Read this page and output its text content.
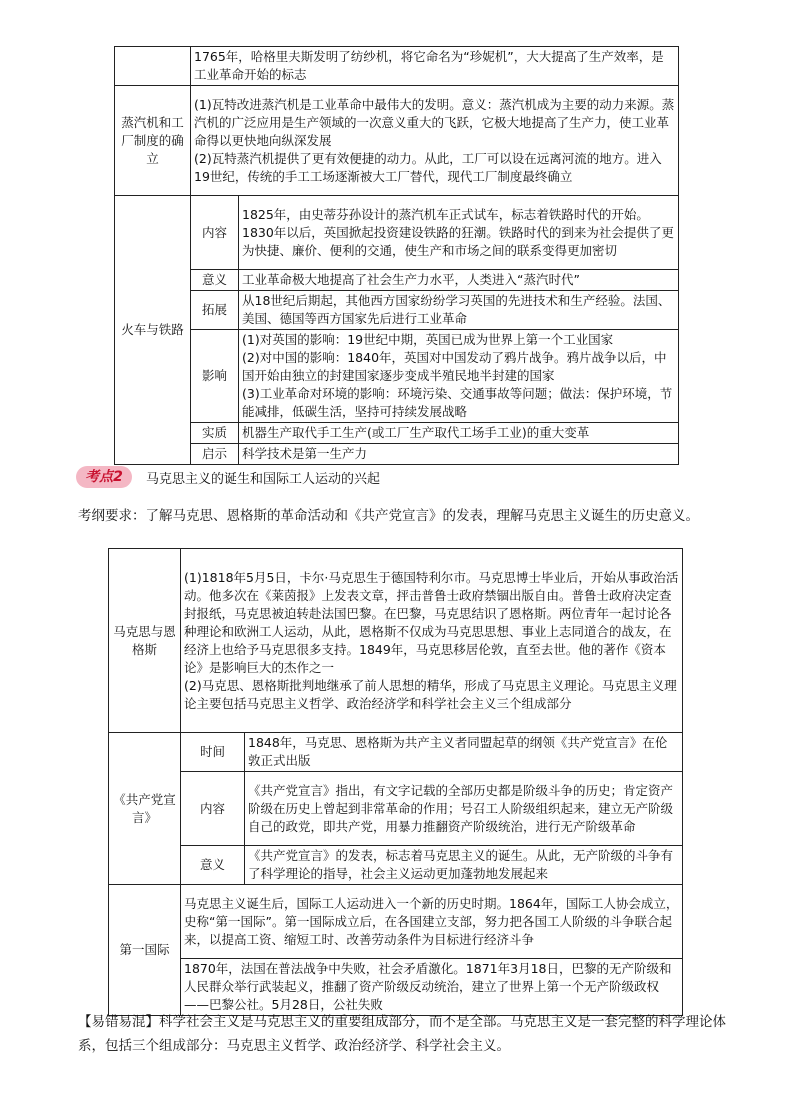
	1765年，哈格里夫斯发明了纺纱机，将它命名为“珍妮机”，大大提高了生产效率，是工业革命开始的标志	
蒸汽机和工厂制度的确立	(1)瓦特改进蒸汽机是工业革命中最伟大的发明。意义：蒸汽机成为主要的动力来源。蒸汽机的广泛应用是生产领域的一次意义重大的飞跃，它极大地提高了生产力，使工业革命得以更快地向纵深发展
(2)瓦特蒸汽机提供了更有效便捷的动力。从此，工厂可以设在远离河流的地方。进入19世纪，传统的手工工场逐渐被大工厂替代，现代工厂制度最终确立	

火车与铁路	内容	1825年，由史蒂芬孙设计的蒸汽机车正式试车，标志着铁路时代的开始。1830年以后，英国掀起投资建设铁路的狂潮。铁路时代的到来为社会提供了更为快捷、廉价、便利的交通，使生产和市场之间的联系变得更加密切
	意义	工业革命极大地提高了社会生产力水平，人类进入“蒸汽时代”
	拓展	从18世纪后期起，其他西方国家纷纷学习英国的先进技术和生产经验。法国、美国、德国等西方国家先后进行工业革命
	影响	(1)对英国的影响：19世纪中期，英国已成为世界上第一个工业国家
(2)对中国的影响：1840年，英国对中国发动了鸦片战争。鸦片战争以后，中国开始由独立的封建国家逐步变成半殖民地半封建的国家
(3)工业革命对环境的影响：环境污染、交通事故等问题；做法：保护环境，节能减排，低碳生活，坚持可持续发展战略

	实质	机器生产取代手工生产(或工厂生产取代工场手工业)的重大变革
	启示	科学技术是第一生产力
考点2	马克思主义的诞生和国际工人运动的兴起
考纲要求：了解马克思、恩格斯的革命活动和《共产党宣言》的发表，理解马克思主义诞生的历史意义。
马克思与恩格斯	(1)1818年5月5日，卡尔·马克思生于德国特利尔市。马克思博士毕业后，开始从事政治活动。他多次在《莱茵报》上发表文章，抨击普鲁士政府禁锢出版自由。普鲁士政府决定查封报纸，马克思被迫转赴法国巴黎。在巴黎，马克思结识了恩格斯。两位青年一起讨论各种理论和欧洲工人运动，从此，恩格斯不仅成为马克思思想、事业上志同道合的战友，在经济上也给予马克思很多支持。1849年，马克思移居伦敦，直至去世。他的著作《资本论》是影响巨大的杰作之一
(2)马克思、恩格斯批判地继承了前人思想的精华，形成了马克思主义理论。马克思主义理论主要包括马克思主义哲学、政治经济学和科学社会主义三个组成部分	

《共产党宣言》	时间	1848年，马克思、恩格斯为共产主义者同盟起草的纲领《共产党宣言》在伦敦正式出版
	内容	《共产党宣言》指出，有文字记载的全部历史都是阶级斗争的历史；肯定资产阶级在历史上曾起到非常革命的作用；号召工人阶级组织起来，建立无产阶级自己的政党，即共产党，用暴力推翻资产阶级统治，进行无产阶级革命
	意义	《共产党宣言》的发表，标志着马克思主义的诞生。从此，无产阶级的斗争有了科学理论的指导，社会主义运动更加蓬勃地发展起来
第一国际	马克思主义诞生后，国际工人运动进入一个新的历史时期。1864年，国际工人协会成立，史称“第一国际”。第一国际成立后，在各国建立支部，努力把各国工人阶级的斗争联合起来，以提高工资、缩短工时、改善劳动条件为目标进行经济斗争	
	1870年，法国在普法战争中失败，社会矛盾激化。1871年3月18日，巴黎的无产阶级和人民群众举行武装起义，推翻了资产阶级反动统治，建立了世界上第一个无产阶级政权——巴黎公社。5月28日，公社失败	
【易错易混】科学社会主义是马克思主义的重要组成部分，而不是全部。马克思主义是一套完整的科学理论体系，包括三个组成部分：马克思主义哲学、政治经济学、科学社会主义。
